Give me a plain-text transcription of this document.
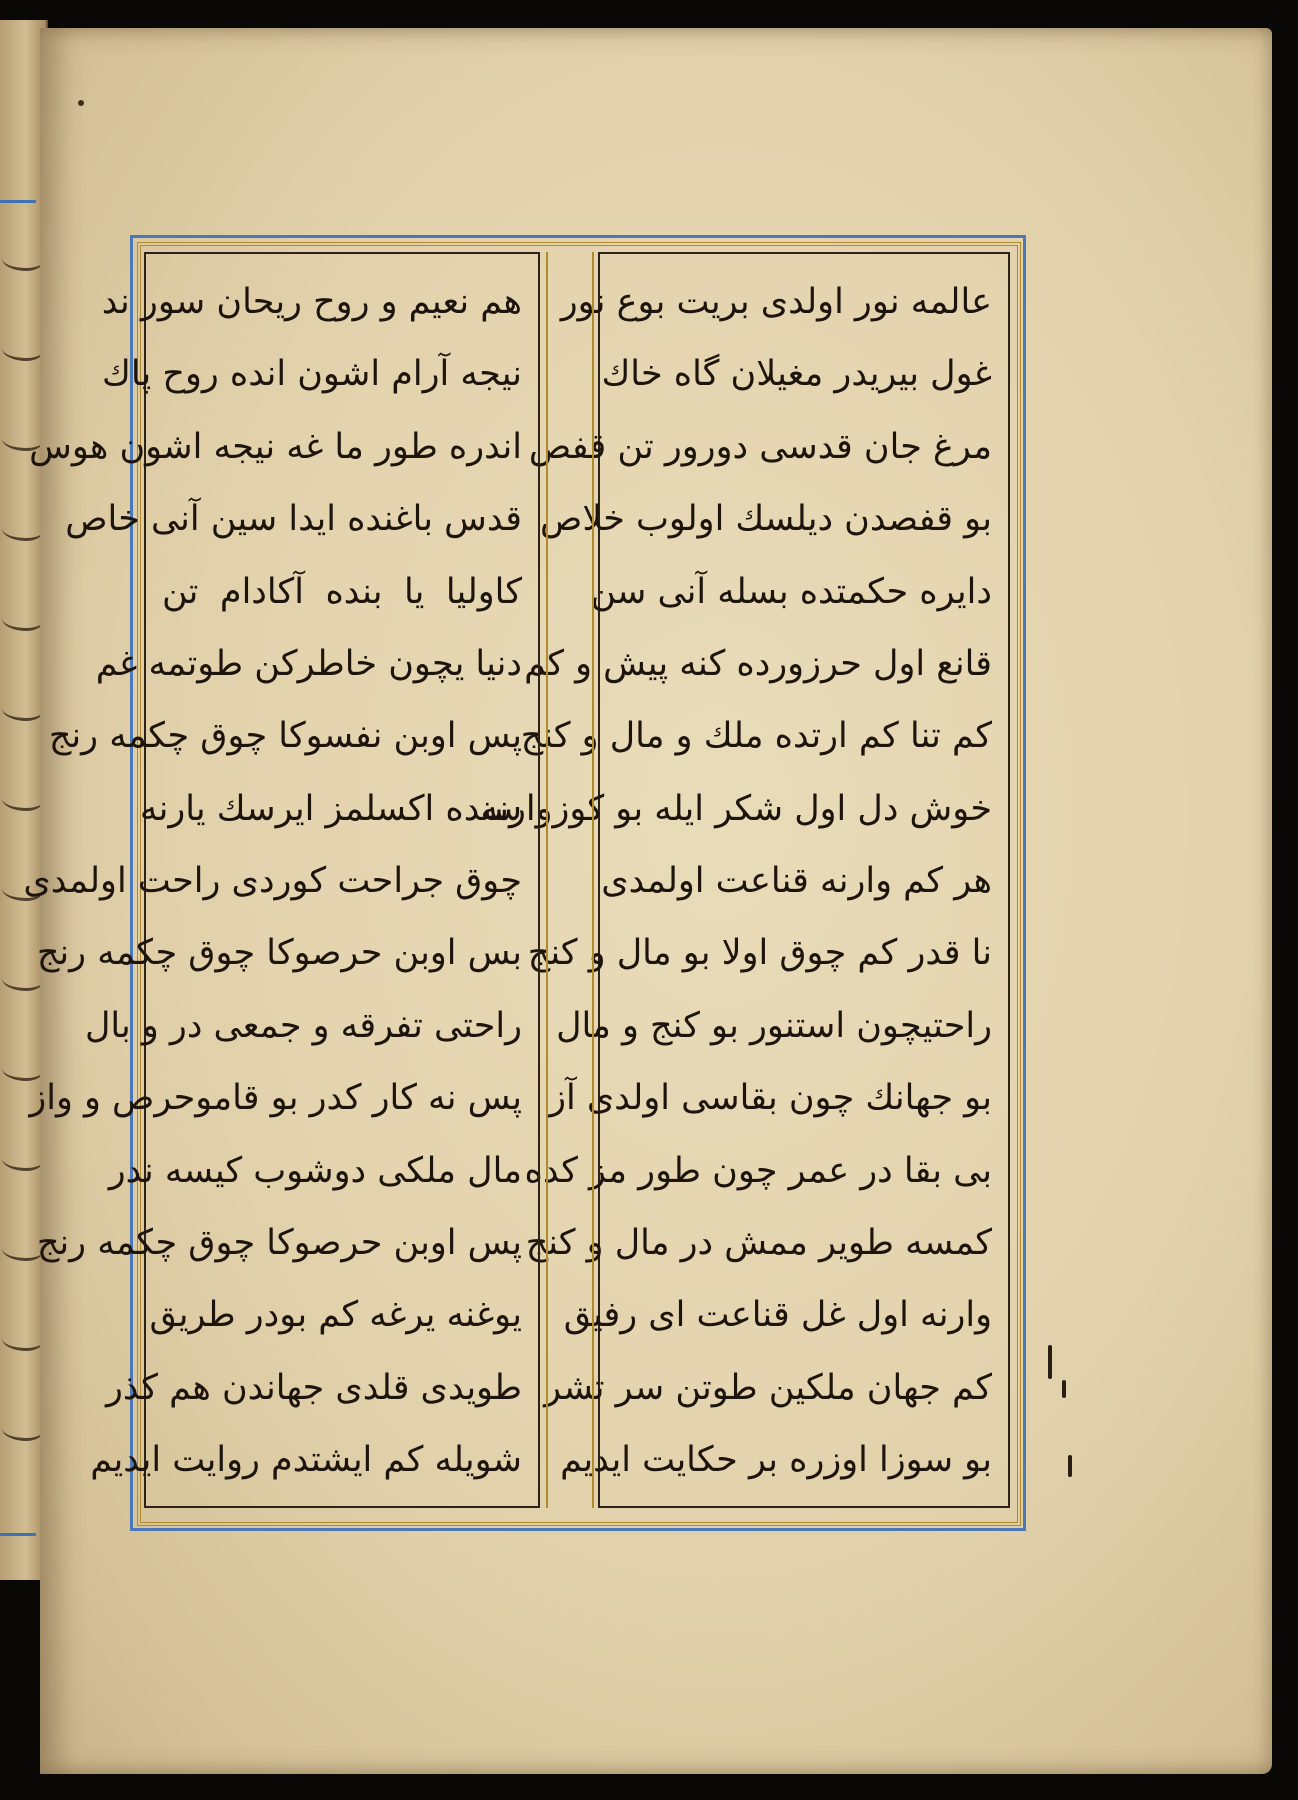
عالمه نور اولدی بریت بوع نور
غول بیریدر مغیلان گاه خاك
مرغ جان قدسی دورور تن قفص
بو قفصدن دیلسك اولوب خلاص
دایره حکمتده بسله آنی سن
قانع اول حرزورده کنه پیش و کم
کم تنا کم ارتده ملك و مال و کنج
خوش دل اول شکر ایله بو کوزوارنه
هر کم وارنه قناعت اولمدی
نا قدر کم چوق اولا بو مال و کنج
راحتیچون استنور بو کنج و مال
بو جهانك چون بقاسی اولدی آز
بی بقا در عمر چون طور مز کده
کمسه طویر ممش در مال و کنج
وارنه اول غل قناعت ای رفیق
کم جهان ملکین طوتن سر تشر
بو سوزا اوزره بر حکایت ایدیم
هم نعیم و روح ریحان سور ند
نیجه آرام اشون انده روح پاك
اندره طور ما غه نیجه اشون هوس
قدس باغنده ایدا سین آنی خاص
کاولیا یا بنده آکادام تن
دنیا یچون خاطرکن طوتمه غم
پس اوبن نفسوکا چوق چکمه رنج
سنده اکسلمز ایرسك یارنه
چوق جراحت کوردی راحت اولمدی
بس اوبن حرصوکا چوق چکمه رنج
راحتی تفرقه و جمعی در و بال
پس نه کار کدر بو قاموحرص و واز
مال ملکی دوشوب کیسه ندر
پس اوبن حرصوکا چوق چکمه رنج
یوغنه یرغه کم بودر طریق
طویدی قلدی جهاندن هم کذر
شویله کم ایشتدم روایت ایدیم
